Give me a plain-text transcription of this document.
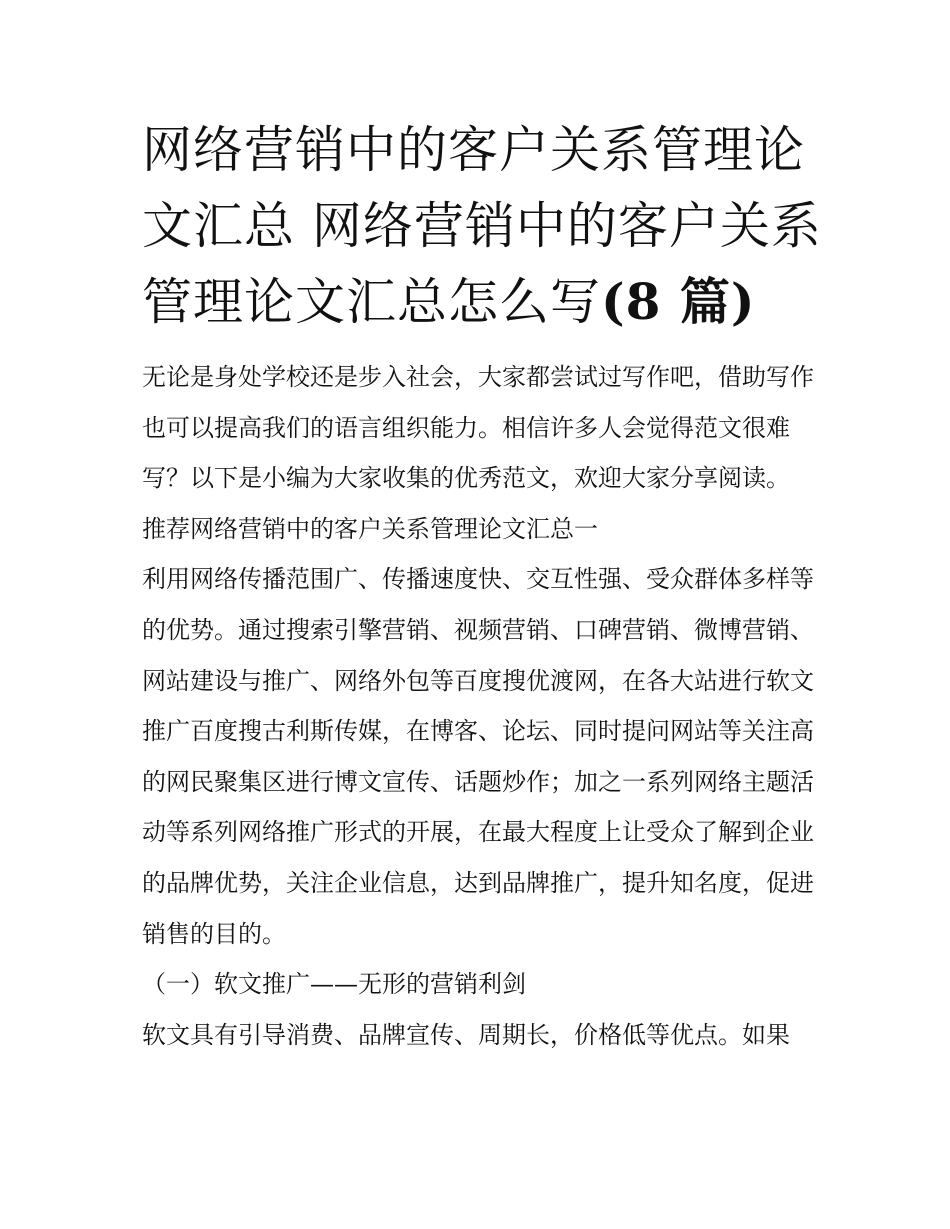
网络营销中的客户关系管理论文汇总 网络营销中的客户关系管理论文汇总怎么写(8 篇)

无论是身处学校还是步入社会，大家都尝试过写作吧，借助写作也可以提高我们的语言组织能力。相信许多人会觉得范文很难写？以下是小编为大家收集的优秀范文，欢迎大家分享阅读。

推荐网络营销中的客户关系管理论文汇总一

利用网络传播范围广、传播速度快、交互性强、受众群体多样等的优势。通过搜索引擎营销、视频营销、口碑营销、微博营销、网站建设与推广、网络外包等百度搜优渡网，在各大站进行软文推广百度搜古利斯传媒，在博客、论坛、同时提问网站等关注高的网民聚集区进行博文宣传、话题炒作；加之一系列网络主题活动等系列网络推广形式的开展，在最大程度上让受众了解到企业的品牌优势，关注企业信息，达到品牌推广，提升知名度，促进销售的目的。

（一）软文推广——无形的营销利剑

软文具有引导消费、品牌宣传、周期长，价格低等优点。如果
